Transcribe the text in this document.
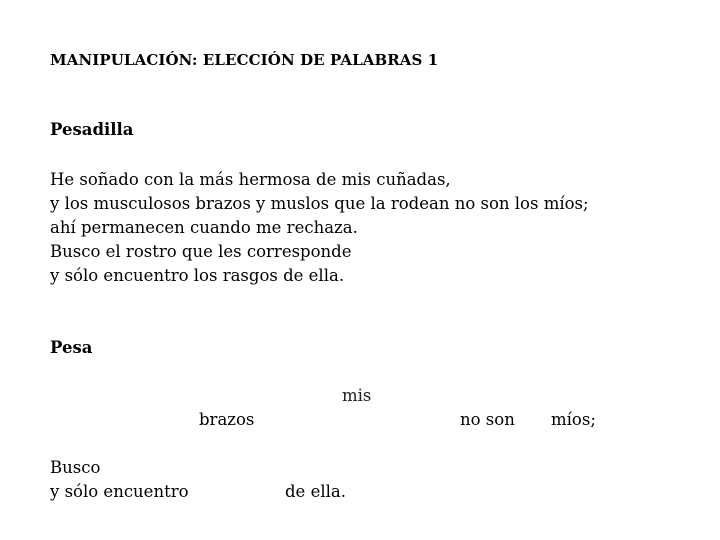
MANIPULACIÓN: ELECCIÓN DE PALABRAS 1
Pesadilla
He soñado con la más hermosa de mis cuñadas,
y los musculosos brazos y muslos que la rodean no son los míos;
ahí permanecen cuando me rechaza.
Busco el rostro que les corresponde
y sólo encuentro los rasgos de ella.
Pesa
mis
brazos	no son míos;
Busco
y sólo encuentro	de ella.
